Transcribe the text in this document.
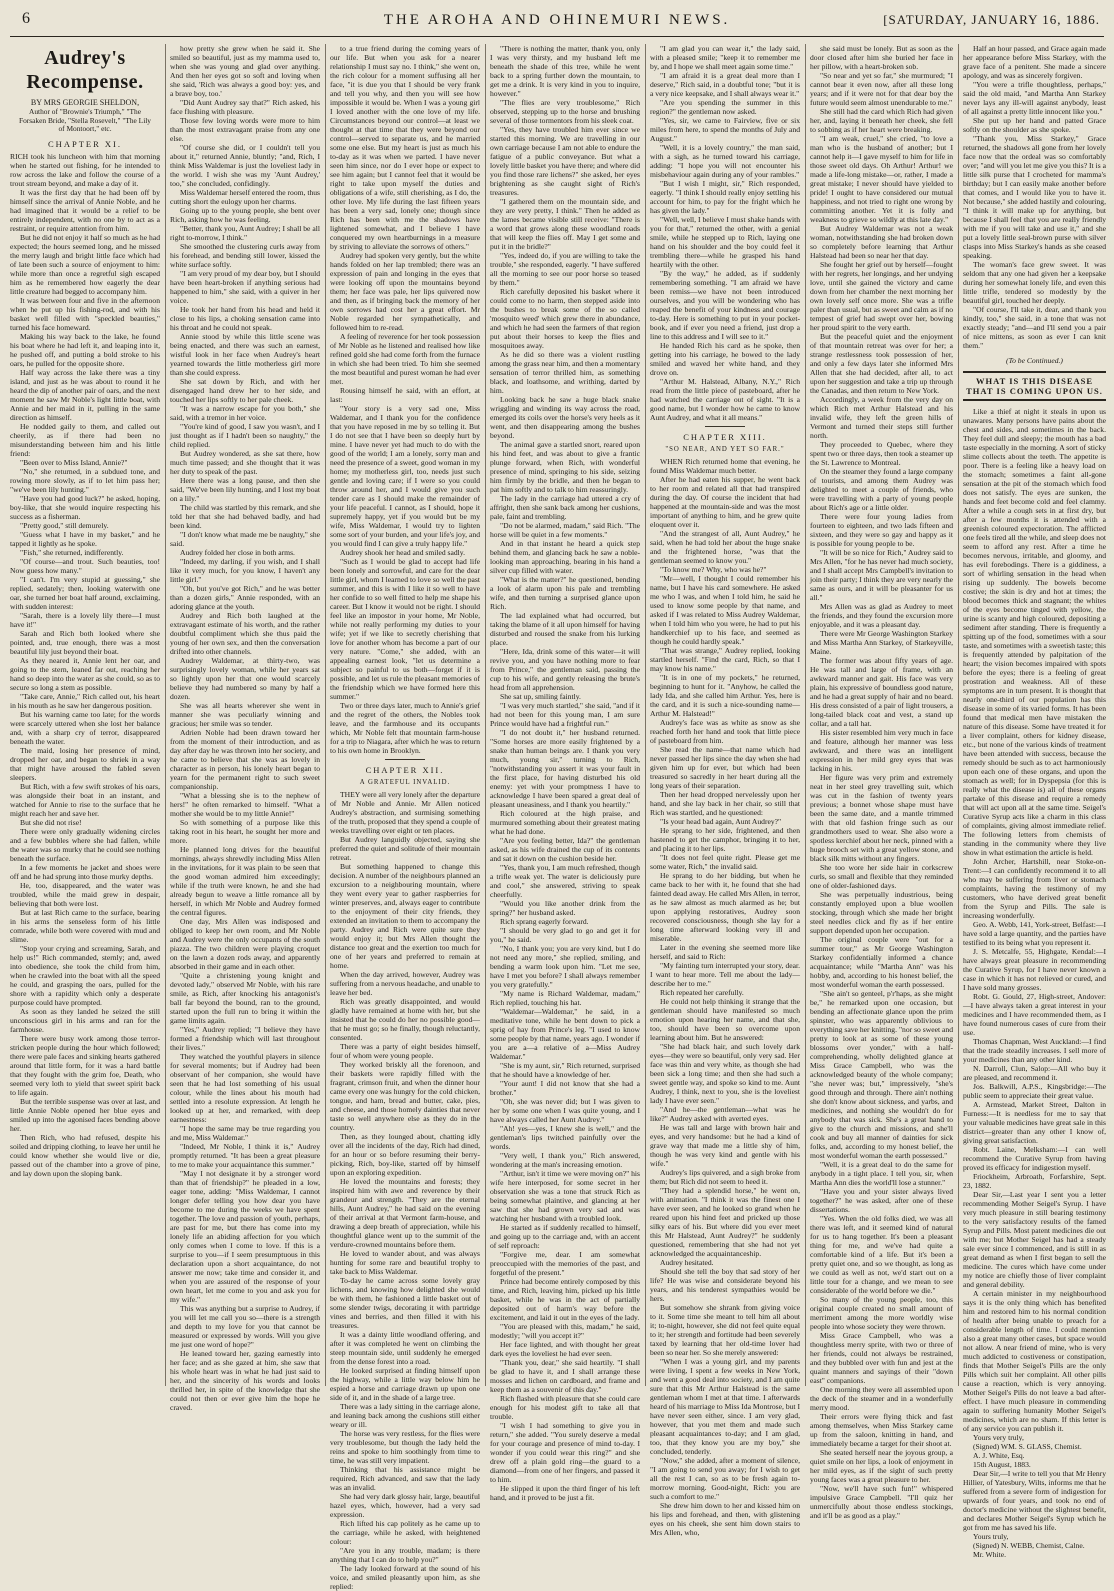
6	THE AROHA AND OHINEMURI NEWS.	[SATURDAY, JANUARY 16, 1886.
Audrey's Recompense.
BY MRS GEORGIE SHELDON,
Author of "Brownie's Triumph," "The Forsaken Bride, "Stella Rosevelt," "The Lily of Montoort," etc.
CHAPTER XI.

RICH took his luncheon with him that morning when he started out fishing, for he intended to row across the lake and follow the course of a trout stream beyond, and make a day of it.

It was the first day that he had been off by himself since the arrival of Annie Noble, and he had imagined that it would be a relief to be entirely independent, with no one by to act as a restraint, or require attention from him.

But he did not enjoy it half so much as he had expected; the hours seemed long, and he missed the merry laugh and bright little face which had of late been such a source of enjoyment to him: while more than once a regretful sigh escaped him as he remembered how eagerly the dear little creature had begged to accompany him.

It was between four and five in the afternoon when he put up his fishing-rod, and with his basket well filled with "speckled beauties," turned his face homeward.

Making his way back to the lake, he found his boat where he had left it, and leaping into it, he pushed off, and putting a bold stroke to his oars, he pulled for the opposite shore.

Half way across the lake there was a tiny island, and just as he was about to round it he heard the dip of another pair of oars, and the next moment he saw Mr Noble's light little boat, with Annie and her maid in it, pulling in the same direction as himself.

He nodded gaily to them, and called out cheerily, as if there had been no misunderstanding between him and his little friend:

"Been over to Miss Island, Annie?"

"No," she returned, in a subdued tone, and rowing more slowly, as if to let him pass her; "we've been lily hunting."

"Have you had good luck?" he asked, hoping, boy-like, that she would inquire respecting his success as a fisherman.

"Pretty good," still demurely.

"Guess what I have in my basket," and he tapped it lightly as he spoke.

"Fish," she returned, indifferently.

"Of course—and trout. Such beauties, too! Now guess how many."

"I can't. I'm very stupid at guessing," she replied, sedately; then, looking waterwith one oar, she turned her boat half around, exclaiming, with sudden interest:

"Sarah, there is a lovely lily there—I must have it!"

Sarah and Rich both looked where she pointed, and, true enough, there was a most beautiful lily just beyond their boat.

As they neared it, Annie lent her oar, and going to the stern, leaned far out, reaching her hand so deep into the water as she could, so as to secure so long a stem as possible.

"Take care, Annie," Rich called out, his heart in his mouth as he saw her dangerous position.

But his warning came too late; for the words were scarcely uttered when she lost her balance and, with a sharp cry of terror, disappeared beneath the water.

The maid, losing her presence of mind, dropped her oar, and began to shriek in a way that might have aroused the fabled seven sleepers.

But Rich, with a few swift strokes of his oars, was alongside their boat in an instant, and watched for Annie to rise to the surface that he might reach her and save her.

But she did not rise!

There were only gradually widening circles and a few bubbles where she had fallen, while the water was so murky that he could see nothing beneath the surface.

In a few moments he jacket and shoes were off and he had sprung into those murky depths.

He, too, disappeared, and the water was troubled, while the maid grew in despair, believing that both were lost.

But at last Rich came to the surface, bearing in his arms the senseless form of his little comrade, while both were covered with mud and slime.

"Stop your crying and screaming, Sarah, and help us!" Rich commanded, sternly; and, awed into obedience, she took the child from him, when he crawled into the boat with all the speed he could, and grasping the oars, pulled for the shore with a rapidity which only a desperate purpose could have prompted.

As soon as they landed he seized the still unconscious girl in his arms and ran for the farmhouse.

There were busy work among those terror-stricken people during the hour which followed; there were pale faces and sinking hearts gathered around that little form, for it was a hard battle that they fought with the grim foe, Death, who seemed very loth to yield that sweet spirit back to life again.

But the terrible suspense was over at last, and little Annie Noble opened her blue eyes and smiled up into the agonised faces bending above her.

Then Rich, who had refused, despite his soiled and dripping clothing, to leave her until he could know whether she would live or die, passed out of the chamber into a grove of pine, and lay down upon the sloping bank.

how pretty she grew when he said it. She smiled so beautiful, just as my mamma used to, when she was young and glad over anything. And then her eyes got so soft and loving when she said, 'Rich was always a good boy: yes, and a brave boy, too.'

"Did Aunt Audrey say that?" Rich asked, his face flushing with pleasure.

Those few loving words were more to him than the most extravagant praise from any one else.

"Of course she did, or I couldn't tell you about it," returned Annie, bluntly; "and, Rich, I think Miss Waldemar is just the loveliest lady in the world. I wish she was my 'Aunt Audrey,' too," she concluded, confidingly.

Miss Waldemar herself entered the room, thus cutting short the eulogy upon her charms.

Going up to the young people, she bent over Rich, asking how he was feeling.

"Better, thank you, Aunt Audrey; I shall be all right to-morrow, I think."

She smoothed the clustering curls away from his forehead, and bending still lower, kissed the white surface softly.

"I am very proud of my dear boy, but I should have been heart-broken if anything serious had happened to him," she said, with a quiver in her voice.

He took her hand from his head and held it close to his lips, a choking sensation came into his throat and he could not speak.

Annie stood by while this little scene was being enacted, and there was such an earnest, wistful look in her face when Audrey's heart yearned towards the little motherless girl more than she could express.

She sat down by Rich, and with her disengaged hand drew her to her side, and touched her lips softly to her pale cheek.

"It was a narrow escape for you both," she said, with a tremor in her voice.

"You're kind of good, I saw you wasn't, and I just thought as if I hadn't been so naughty," the child replied.

But Audrey wondered, as she sat there, how much time passed; and she thought that it was her duty to speak of the past.

Here there was a long pause, and then she said, "We've been lily hunting, and I lost my boat on a lily."

The child was startled by this remark, and she told her that she had behaved badly, and had been kind.

"I don't know what made me be naughty," she said.

Audrey folded her close in both arms.

"Indeed, my darling, if you wish, and I shall like it very much, for you know, I haven't any little girl."

"Oh, but you've got Rich," and he was better than a dozen girls," Annie responded, with an adoring glance at the youth.

Audrey and Rich both laughed at the extravagant estimate of his worth, and the rather doubtful compliment which she thus paid the young of her own sex, and then the conversation drifted into other channels.

Audrey Waldemar, at thirty-two, was surprisingly lovely woman, while her years sat so lightly upon her that one would scarcely believe they had numbered so many by half a dozen.

She was all hearts wherever she went in manner she was peculiarly winning and gracious; her smile was so tender.

Adrien Noble had been drawn toward her from the moment of their introduction, and as day after day he was thrown into her society, and he came to believe that she was as lovely in character as in person, his lonely heart began to yearn for the permanent right to such sweet companionship.

"What a blessing she is to the nephew of hers!" he often remarked to himself. "What a mother she would be to my little Annie!"

So with something of a purpose like this taking root in his heart, he sought her more and more.

He planned long drives for the beautiful mornings, always shrewdly including Miss Allen in the invitations, for it was plain to be seen that the good woman admired him exceedingly; while if the truth were known, he and she had already begun to weave a little romance all by herself, in which Mr Noble and Audrey formed the central figures.

One day, Mrs Allen was indisposed and obliged to keep her own room, and Mr Noble and Audrey were the only occupants of the south piazza. The two children were playing croquet on the lawn a dozen rods away, and apparently absorbed in their game and in each other.

"Quite a christening young knight and devoted lady," observed Mr Noble, with his rare smile, as Rich, after knocking his antagonist's ball far beyond the bound, ran to the ground, started upon the full run to bring it within the game limits again.

"Yes," Audrey replied; "I believe they have formed a friendship which will last throughout their lives."

They watched the youthful players in silence for several moments; but if Audrey had been observant of her companion, she would have seen that he had lost something of his usual colour, while the lines about his mouth had settled into a resolute expression. At length he looked up at her, and remarked, with deep earnestness:

"I hope the same may be true regarding you and me, Miss Waldemar."

"Indeed, Mr Noble, I think it is," Audrey promptly returned. "It has been a great pleasure to me to make your acquaintance this summer."

"May I not designate it by a stronger word than that of friendship?" he pleaded in a low, eager tone, adding: "Miss Waldemar, I cannot longer defer telling you how dear you have become to me during the weeks we have spent together. The love and passion of youth, perhaps, are past for me, but there has come into my lonely life an abiding affection for you which only comes when I come to love. If this is a surprise to you—if I seem presumptuous in this declaration upon a short acquaintance, do not answer me now; take time and consider it, and when you are assured of the response of your own heart, let me come to you and ask you for my wife."

This was anything but a surprise to Audrey, if you will let me call you so—there is a strength and depth to my love for you that cannot be measured or expressed by words. Will you give me just one word of hope?"

He leaned toward her, gazing earnestly into her face; and as she gazed at him, she saw that his whole heart was in what he had just said to her, and the sincerity of his words and looks thrilled her, in spite of the knowledge that she could not then or ever give him the hope he craved.

to a true friend during the coming years of our life. But when you ask for a nearer relationship I must say no. I think," she went on, the rich colour for a moment suffusing all her face, "it is due you that I should be very frank and tell you why, and then you will see how impossible it would be. When I was a young girl I loved another with the one love of my life. Circumstances beyond our control—at least we thought at that time that they were beyond our control—served to separate us, and he married some one else. But my heart is just as much his to-day as it was when we parted. I have never seen him since, nor do I ever hope or expect to see him again; but I cannot feel that it would be right to take upon myself the duties and obligations of a wife, still cherishing, as I do, the other love. My life during the last fifteen years has been a very sad, lonely one; though since Rich has been with me the shadows have lightened somewhat, and I believe I have conquered my own heartburnings in a measure by striving to alleviate the sorrows of others."

Audrey had spoken very gently, but the white hands folded on her lap trembled; there was an expression of pain and longing in the eyes that were looking off upon the mountains beyond them; her face was pale, her lips quivered now and then, as if bringing back the memory of her own sorrows had cost her a great effort. Mr Noble regarded her sympathetically, and followed him to re-read.

A feeling of reverence for her took possession of Mr Noble as he listened and realised how like refined gold she had come forth from the furnace in which she had been tried. To him she seemed the most beautiful and purest woman he had ever met.

Rousing himself he said, with an effort, at last:

"Your story is a very sad one, Miss Waldemar, and I thank you for the confidence that you have reposed in me by so telling it. But I do not see that I have been so deeply hurt by mine. I have never yet had much to do with the good of the world; I am a lonely, sorry man and need the presence of a sweet, good woman in my home; my motherless girl, too, needs just such gentle and loving care; if I were so you could throw around her, and I would give you such tender care as I should make the remainder of your life peaceful. I cannot, as I should, hope it supremely happy, yet if you would but be my wife, Miss Waldemar, I would try to lighten some sort of your burden, and your life's joy, and you would find I can give a truly happy life."

Audrey shook her head and smiled sadly.

"Such as I would be glad to accept had life been lonely and sorrowful, and care for the dear little girl, whom I learned to love so well the past summer, and this is with I like it so well to have her confide to so well fitted to help me shape his career. But I know it would not be right. I should feel like an impostor in your home, Mr Noble, while not really performing my duties to your wife; yet if we like to secretly cherishing that love for another whom has become a part of our very nature. "Come," she added, with an appealing earnest look, "let us determine a subject so painful to us both—forget if it is possible, and let us rule the pleasant memories of the friendship which we have formed here this summer."

Two or three days later, much to Annie's grief and the regret of the others, the Nobles took leave, and the farmhouse and its occupants which, Mr Noble felt that mountain farm-house for a trip to Niagara, after which he was to return to his own home in Brooklyn.

CHAPTER XII.
A GRATEFUL INVALID.

THEY were all very lonely after the departure of Mr Noble and Annie. Mr Allen noticed Audrey's abstraction, and surmising something of the truth, proposed that they spend a couple of weeks travelling over eight or ten places.

But Audrey languidly objected, saying she preferred the quiet and solitude of their mountain retreat.

But something happened to change this decision. A number of the neighbours planned an excursion to a neighbouring mountain, where they went every year to gather raspberries for winter preserves, and, always eager to contribute to the enjoyment of their city friends, they extended an invitation to them to accompany the party. Audrey and Rich were quite sure they would enjoy it; but Mrs Allen thought the distance too great and the exertion too much for one of her years and preferred to remain at home.

When the day arrived, however, Audrey was suffering from a nervous headache, and unable to leave her bed.

Rich was greatly disappointed, and would gladly have remained at home with her, but she insisted that he could do her no possible good—that he must go; so he finally, though reluctantly, consented.

There was a party of eight besides himself, four of whom were young people.

They worked briskly all the forenoon, and their baskets were rapidly filled with the fragrant, crimson fruit, and when the dinner hour came every one was hungry for the cold chicken, tongue, and ham, bread and butter, cake, pies, and cheese, and those homely dainties that never taste so well anywhere else as they do in the country.

Then, as they lounged about, chatting idly over all the incidents of the day, Rich had dined, for an hour or so before resuming their berry-picking, Rich, boy-like, started off by himself upon an exploring expedition.

He loved the mountains and forests; they inspired him with awe and reverence by their grandeur and strength. "They are the eternal hills, Aunt Audrey," he had said on the evening of their arrival at that Vermont farm-house, and drawing a deep breath of appreciation, while his thoughtful glance went up to the summit of the verdure-crowned mountains before them.

He loved to wander about, and was always hunting for some rare and beautiful trophy to take back to Miss Waldemar.

To-day he came across some lovely gray lichens, and knowing how delighted she would be with them, he fashioned a little basket out of some slender twigs, decorating it with partridge vines and berries, and then filled it with his treasures.

It was a dainty little woodland offering, and after it was completed he went on climbing the steep mountain side, until suddenly he emerged from the dense forest into a road.

He looked surprised at finding himself upon the highway, while a little way below him he espied a horse and carriage drawn up upon one side of it, and in the shade of a large tree.

There was a lady sitting in the carriage alone, and leaning back among the cushions still either weary or ill.

The horse was very restless, for the flies were very troublesome, but though the lady held the reins and spoke to him soothingly from time to time, he was still very impatient.

Thinking that his assistance might be required, Rich advanced, and saw that the lady was an invalid.

She had very dark glossy hair, large, beautiful hazel eyes, which, however, had a very sad expression.

Rich lifted his cap politely as he came up to the carriage, while he asked, with heightened colour:

"Are you in any trouble, madam; is there anything that I can do to help you?"

The lady looked forward at the sound of his voice, and smiled pleasantly upon him, as she replied:

"There is nothing the matter, thank you, only I was very thirsty, and my husband left me beneath the shade of this tree, while he went back to a spring further down the mountain, to get me a drink. It is very kind in you to inquire, however."

"The flies are very troublesome," Rich observed, stepping up to the horse and brushing several of those tormentors from his sleek coat.

"Yes, they have troubled him ever since we started this morning. We are travelling in our own carriage because I am not able to endure the fatigue of a public conveyance. But what a lovely little basket you have there; and where did you find those rare lichens?" she asked, her eyes brightening as she caught sight of Rich's treasures.

"I gathered them on the mountain side, and they are very pretty, I think." Then he added as the lames became visible still receive: "There is a word that grows along these woodland roads that will keep the flies off. May I get some and put it in the bridle?"

"Yes, indeed do, if you are willing to take the trouble," she responded, eagerly. "I have suffered all the morning to see our poor horse so teased by them."

Rich carefully deposited his basket where it could come to no harm, then stepped aside into the bushes to break some of the so called 'mosquito weed' which grew there in abundance, and which he had seen the farmers of that region put about their horses to keep the flies and mosquitoes away.

As he did so there was a violent rustling among the grass near him, and then a momentary sensation of terror thrilled him, as something black, and loathsome, and writhing, darted by him.

Looking back he saw a huge black snake wriggling and winding its way across the road, emerged its coils over the horse's very heels as it went, and then disappearing among the bushes beyond.

The animal gave a startled snort, reared upon his hind feet, and was about to give a frantic plunge forward, when Rich, with wonderful presence of mind, springing to his side, seizing him firmly by the bridle, and then he began to pat him softly and to talk to him reassuringly.

The lady in the carriage had uttered a cry of affright, then she sank back among her cushions, pale, faint and trembling.

"Do not be alarmed, madam," said Rich. "The horse will be quiet in a few moments."

And in that instant he heard a quick step behind them, and glancing back he saw a noble-looking man approaching, bearing in his hand a silver cup filled with water.

"What is the matter?" he questioned, bending a look of alarm upon his pale and trembling wife, and then turning a surprised glance upon Rich.

The lad explained what had occurred, but taking the blame of it all upon himself for having disturbed and roused the snake from his lurking place.

"Here, Ida, drink some of this water—it will revive you, and you have nothing more to fear from Prince," the gentleman said, passing the cup to his wife, and gently releasing the brute's head from all apprehension.

She sat up, smiling faintly.

"I was very much startled," she said, "and if it had not been for this young man, I am sure Prince would have had a frightful run."

"I do not doubt it," her husband returned. "Some horses are more easily frightened by a snake than human beings are. I thank you very much, young sir," turning to Rich, "notwithstanding you assert it was your fault in the first place, for having disturbed his old enemy: yet with your promptness I have to acknowledge I have been spared a great deal of pleasant uneasiness, and I thank you heartily."

Rich coloured at the high praise, and murmured something about their greatest mating what he had done.

"Are you feeling better, Ida?" the gentleman asked, as his wife drained the cup of its contents and sat it down on the cushion beside her.

"Yes, thank you, I am much refreshed, though a trifle weak yet. The water is deliciously pure and cool," she answered, striving to speak cheerfully.

"Would you like another drink from the spring?" her husband asked.

Rich sprang eagerly forward.

"I should be very glad to go and get it for you," he said.

"No, I thank you; you are very kind, but I do not need any more," she replied, smiling, and bending a warm look upon him. "Let me see, have I met you before? I shall always remember you very gratefully."

"My name is Richard Waldemar, madam," Rich replied, touching his hat.

"Waldemar—Waldemar," he said, in a meditative tone, while he bent down to pick a sprig of hay from Prince's leg. "I used to know some people by that name, years ago. I wonder if you are a—a relative of a—Miss Audrey Waldemar."

"She is my aunt, sir," Rich returned, surprised that he should have a knowledge of her.

"Your aunt! I did not know that she had a brother."

"Oh, she was never did; but I was given to her by some one when I was quite young, and I have always called her Aunt Audrey."

"Ah! yes—yes, I knew she is well," and the gentleman's lips twitched painfully over the words.

"Very well, I thank you," Rich answered, wondering at the man's increasing emotion.

"Arthur, isn't it time we were moving on?" his wife here interposed, for some secret in her observation she was a tone that struck Rich as being somewhat plaintive, and glancing at her saw that she had grown very sad and was watching her husband with a troubled look.

He started as if suddenly recalled to himself, and going up to the carriage and, with an accent of self reproach:

"Forgive me, dear. I am somewhat preoccupied with the memories of the past, and forgetful of the present."

Prince had become entirely composed by this time, and Rich, leaving him, picked up his little basket, while he was in the act of partially deposited out of harm's way before the excitement, and laid it out in the eyes of the lady.

"You are pleased with this, madam," he said, modestly; "will you accept it?"

Her face lighted, and with thought her great dark eyes the loveliest he had ever seen.

"Thank you, dear," she said heartily. "I shall be glad to have it, and I shall arrange these mosses and lichen on cardboard, and frame and keep them as a souvenir of this day."

Rich flashed with pleasure that she could care enough for his modest gift to take all that trouble.

"I wish I had something to give you in return," she added. "You surely deserve a medal for your courage and presence of mind to-day. I wonder if you could wear this ring?" and she drew off a plain gold ring—the guard to a diamond—from one of her fingers, and passed it to him.

He slipped it upon the third finger of his left hand, and it proved to be just a fit.

"I am glad you can wear it," the lady said, with a pleased smile; "keep it to remember me by, and I hope we shall meet again some time."

"I am afraid it is a great deal more than I deserve," Rich said, in a doubtful tone; "but it is a very nice keepsake, and I shall always wear it."

"Are you spending the summer in this region?" the gentleman now asked.

"Yes, sir, we came to Fairview, five or six miles from here, to spend the months of July and August."

"Well, it is a lovely country," the man said, with a sigh, as he turned toward his carriage, adding: "I hope you will not encounter his misbehaviour again during any of your rambles."

"But I wish I might, sir," Rich responded, eagerly. "I think I should really enjoy settling his account for him, to pay for the fright which he has given the lady."

"Well, well, I believe I must shake hands with you for that," returned the other, with a genial smile, while he stepped up to Rich, laying one hand on his shoulder and the boy could feel it trembling there—while he grasped his hand heartily with the other.

"By the way," he added, as if suddenly remembering something. "I am afraid we have been remiss—we have not been introduced ourselves, and you will be wondering who has reaped the benefit of your kindness and courage to-day. Here is something to put in your pocket-book, and if ever you need a friend, just drop a line to this address and I will see to it."

He handed Rich his card as he spoke, then getting into his carriage, he bowed to the lady smiled and waved her white hand, and they drove on.

"Arthur M. Halstead, Albany, N.Y.," Rich read from the little piece of pasteboard, after he had watched the carriage out of sight. "It is a good name, but I wonder how he came to know Aunt Audrey, and what it all means."

CHAPTER XIII.
"SO NEAR, AND YET SO FAR."

WHEN Rich returned home that evening, he found Miss Waldemar much better.

After he had eaten his supper, he went back to her room and related all that had transpired during the day. Of course the incident that had happened at the mountain-side and was the most important of anything to him, and he grew quite eloquent over it.

"And the strangest of all, Aunt Audrey," he said, when he had told her about the huge snake and the frightened horse, "was that the gentleman seemed to know you."

"To know me? Why, who was he?"

"Mr—well, I thought I could remember his name, but I have his card somewhere. He asked me who I was, and when I told him, he said he used to know some people by that name, and asked if I was related to Miss Audrey Waldemar, when I told him who you were, he had to put his handkerchief up to his face, and seemed as though he could hardly speak."

"That was strange," Audrey replied, looking startled herself. "Find the card, Rich, so that I may know his name."

"It is in one of my pockets," he returned, beginning to hunt for it. "Anyhow, he called the lady Ida, and she called him Arthur. Yes, here is the card, and it is such a nice-sounding name—Arthur M. Halstead!"

Audrey's face was as white as snow as she reached forth her hand and took that little piece of pasteboard from him.

She read the name—that name which had never passed her lips since the day when she had given him up for ever, but which had been treasured so sacredly in her heart during all the long years of their separation.

Then her head dropped nervelessly upon her hand, and she lay back in her chair, so still that Rich was startled, and he questioned:

"Is your head bad again, Aunt Audrey?"

He sprang to her side, frightened, and then hastened to get the camphor, bringing it to her, and placing it to her lips.

"It does not feel quite right. Please get me some water, Rich," the invalid said.

He sprang to do her bidding, but when he came back to her with it, he found that she had fainted dead away. He called Mrs Allen, in terror, as he saw almost as much alarmed as he; but upon applying restoratives, Audrey soon recovered consciousness, though she lay for a long time afterward looking very ill and miserable.

Later in the evening she seemed more like herself, and said to Rich:

"My fainting turn interrupted your story, dear. I want to hear more. Tell me about the lady—describe her to me."

Rich repeated her carefully.

He could not help thinking it strange that the gentleman should have manifested so much emotion upon hearing her name, and that she, too, should have been so overcome upon learning about him. But he answered:

"She had black hair, and such lovely dark eyes—they were so beautiful, only very sad. Her face was thin and very white, as though she had been sick a long time; and then she had such a sweet gentle way, and spoke so kind to me. Aunt Audrey, I think, next to you, she is the loveliest lady I have ever seen."

"And he—the gentleman—what was he like?" Audrey asked with averted eyes.

He was tall and large with brown hair and eyes, and very handsome: but he had a kind of grave way that made me a little shy of him, though he was very kind and gentle with his wife."

Audrey's lips quivered, and a sigh broke from them; but Rich did not seem to heed it.

"They had a splendid horse," he went on, with animation. "I think it was the finest one I have ever seen, and he looked so grand when he reared upon his hind feet and pricked up those silky ears of his. But where did you ever meet this Mr Halstead, Aunt Audrey?" he suddenly questioned, remembering that she had not yet acknowledged the acquaintanceship.

Audrey hesitated.

Should she tell the boy that sad story of her life? He was wise and considerate beyond his years, and his tenderest sympathies would be hers.

But somehow she shrank from giving voice to it. Some time she meant to tell him all about it; to-night, however, she did not feel quite equal to it; her strength and fortitude had been severely taxed by learning that her old-time lover had been so near her. So she merely answered:

"When I was a young girl, and my parents were living, I spent a few weeks in New York, and went a good deal into society, and I am quite sure that this Mr Arthur Halstead is the same gentleman whom I met at that time. I afterwards heard of his marriage to Miss Ida Montrose, but I have never seen either, since. I am very glad, however, that you met them and made such pleasant acquaintances to-day; and I am glad, too, that they know you are my boy," she concluded, tenderly.

"Now," she added, after a moment of silence, "I am going to send you away; for I wish to get all the rest I can, so as to be fresh again to-morrow morning. Good-night, Rich: you are such a comfort to me."

She drew him down to her and kissed him on his lips and forehead, and then, with glistening eyes on his cheek, she sent him down stairs to Mrs Allen, who,

she said must be lonely. But as soon as the door closed after him she buried her face in her pillow, with a heart-broken sob.

"So near and yet so far," she murmured; "I cannot bear it even now, after all these long years; and if it were not for that dear boy the future would seem almost unendurable to me."

She still had the card which Rich had given her, and, laying it beneath her cheek, she fell to sobbing as if her heart were breaking.

"I am weak, cruel," she cried, "to love a man who is the husband of another; but I cannot help it—I gave myself to him for life in those sweet old days. Oh Arthur! Arthur! we made a life-long mistake—or, rather, I made a great mistake; I never should have yielded to pride! I ought to have considered our mutual happiness, and not tried to right one wrong by committing another. Yet it is folly and weakness to grieve so wildly at this late day."

But Audrey Waldemar was not a weak woman, notwithstanding she had broken down so completely before learning that Arthur Halstead had been so near her that day.

She fought her grief out by herself—fought with her regrets, her longings, and her undying love, until she gained the victory and came down from her chamber the next morning her own lovely self once more. She was a trifle paler than usual, but as sweet and calm as if no tempest of grief had swept over her, bowing her proud spirit to the very earth.

But the peaceful quiet and the enjoyment of that mountain retreat was over for her; a strange restlessness took possession of her, and only a few days later she informed Mrs Allen that she had decided, after all, to act upon her suggestion and take a trip up through the Canadas, and then return to New York.

Accordingly, a week from the very day on which Rich met Arthur Halstead and his invalid wife, they left the green hills of Vermont and turned their steps still further north.

They proceeded to Quebec, where they spent two or three days, then took a steamer up the St. Lawrence to Montreal.

On the steamer they found a large company of tourists, and among them Audrey was delighted to meet a couple of friends, who were travelling with a party of young people about Rich's age or a little older.

There were four young ladies from fourteen to eighteen, and two lads fifteen and sixteen, and they were so gay and happy as it is possible for young people to be.

"It will be so nice for Rich," Audrey said to Mrs Allen, "for he has never had much society, and I shall accept Mrs Campbell's invitation to join their party; I think they are very nearly the same as ours, and it will be pleasanter for us all."

Mrs Allen was as glad as Audrey to meet the friends, and they found the excursion more enjoyable, and it was a pleasant day.

There were Mr George Washington Starkey and Miss Martha Ann Starkey, of Starkeyville, Maine.

The former was about fifty years of age. He was tall and large of frame, with an awkward manner and gait. His face was very plain, his expressive of boundless good nature, and he had a great supply of hair and no beard. His dress consisted of a pair of light trousers, a long-tailed black coat and vest, a stand up collar, and a tall hat.

His sister resembled him very much in face and feature, although her manner was less awkward, and there was an intelligent expression in her mild grey eyes that was lacking in his.

Her figure was very prim and extremely neat in her steel grey travelling suit, which was cut in the fashion of twenty years previous; a bonnet whose shape must have been the same date, and a mantle trimmed with that old fashion fringe such as our grandmothers used to wear. She also wore a spotless kerchief about her neck, pinned with a huge brooch set with a great yellow stone, and black silk mitts without any fingers.

She too wore her side hair in corkscrew curls, so small and flexible that they reminded one of older-fashioned days.

She was perpetually industrious, being constantly employed upon a blue woollen stocking, through which she made her bright steel needles click and fly as if her entire support depended upon her occupation.

The original couple were "out for a summer tour," as Mr George Washington Starkey confidentially informed a chance acquaintance; while "Martha Ann" was his hobby, and, according to his honest belief, the most wonderful woman the earth possessed.

"She ain't so genteel, p'r'haps, as she might be," he remarked upon one occasion, but bending an affectionate glance upon the prim spinster, who was apparently oblivious to everything save her knitting. "nor so sweet and pretty to look at as some of these young blossoms over yonder," with a half-comprehending, wholly delighted glance at Miss Grace Campbell, who was the acknowledged beauty of the whole company; "she never was; but," impressively, "she's good through and through. There ain't nothing she don't know about sickness, and yarbs, and medicines, and nothing she wouldn't do for anybody that was sick. She's a great hand to give to the church and missions, and she'll cook and buy all manner of dainties for sick folks, and, according to my honest belief, the most wonderful woman the earth possessed."

"Well, it is a great deal to do the same for anybody in a tight place. I tell you, sir, when Martha Ann dies the world'll lose a stunner."

"Have you and your sister always lived together?" he was asked, after one of these dissertations.

"Yes. When the old folks died, we was all there was left, and it seemed kind of natural for us to hang together. It's been a pleasant thing for me, and we've had quite a comfortable kind of a life. But it's been a pretty quiet one, and so we thought, as long as we could as well as not, we'd start out on a little tour for a change, and we mean to see considerable of the world before we die."

So many of the young people, too, this original couple created no small amount of merriment among the more worldly wise people into whose society they were thrown.

Miss Grace Campbell, who was a thoughtless merry sprite, with two or three of her friends, could not always be restrained, and they bubbled over with fun and jest at the quaint manners and sayings of their "down east" companions.

One morning they were all assembled upon the deck of the steamer and in a wonderfully merry mood.

Their errors were flying thick and fast among themselves, when Miss Starkey came up from the saloon, knitting in hand, and immediately became a target for their shoot at.

She seated herself near the joyous group, a quiet smile on her lips, a look of enjoyment in her mild eyes, as if the sight of such pretty young faces was a great pleasure to her.

"Now, we'll have such fun!" whispered impulsive Grace Campbell. "I'll quiz her unmercifully about those endless stockings, and it'll be as good as a play."

Half an hour passed, and Grace again made her appearance before Miss Starkey, with the grave face of a penitent. She made a sincere apology, and was as sincerely forgiven.

"You were a trifle thoughtless, perhaps," said the old maid, "and Martha Ann Starkey never lays any ill-will against anybody, least of all against a pretty little innocent like you."

She put up her hand and patted Grace softly on the shoulder as she spoke.

"Thank you, Miss Starkey," Grace returned, the shadows all gone from her lovely face now that the ordeal was so comfortably over; "and will you let me give you this? It is a little silk purse that I crocheted for mamma's birthday; but I can easily make another before that comes, and I would like you to have it. Not because," she added hastily and colouring, "I think it will make up for anything, but because I shall feel that you are really friendly with me if you will take and use it," and she put a lovely little seal-brown purse with silver clasps into Miss Starkey's hands as she ceased speaking.

The woman's face grew sweet. It was seldom that any one had given her a keepsake during her somewhat lonely life, and even this little trifle, tendered so modestly by the beautiful girl, touched her deeply.

"Of course, I'll take it, dear, and thank you kindly, too," she said, in a tone that was not exactly steady; "and—and I'll send you a pair of nice mittens, as soon as ever I can knit them."

(To be Continued.)
WHAT IS THIS DISEASE THAT IS COMING UPON US.

Like a thief at night it steals in upon us unawares. Many persons have pains about the chest and sides, and sometimes in the back. They feel dull and sleepy; the mouth has a bad taste especially in the morning. A sort of sticky slime collects about the teeth. The appetite is poor. There is a feeling like a heavy load on the stomach; sometimes a faint all-gone sensation at the pit of the stomach which food does not satisfy. The eyes are sunken, the hands and feet become cold and feel clammy. After a while a cough sets in at first dry, but after a few months it is attended with a greenish coloured expectoration. The afflicted one feels tired all the while, and sleep does not seem to afford any rest. After a time he becomes nervous, irritable, and gloomy, and has evil forebodings. There is a giddiness, a sort of whirling sensation in the head when rising up suddenly. The bowels become costive; the skin is dry and hot at times; the blood becomes thick and stagnant; the whites of the eyes become tinged with yellow, the urine is scanty and high coloured, depositing a sediment after standing. There is frequently a spitting up of the food, sometimes with a sour taste, and sometimes with a sweetish taste; this is frequently attended by palpitation of the heart; the vision becomes impaired with spots before the eyes; there is a feeling of great prostration and weakness. All of these symptoms are in turn present. It is thought that nearly one-third of our population has this disease in some of its varied forms. It has been found that medical men have mistaken the nature of this disease. Some have treated it for a liver complaint, others for kidney disease, etc., but none of the various kinds of treatment have been attended with success, because the remedy should be such as to act harmoniously upon each one of these organs, and upon the stomach as well; for in Dyspepsia (for this is really what the disease is) all of these organs partake of this disease and require a remedy that will act upon all at the same time. Seigel's Curative Syrup acts like a charm in this class of complaints, giving almost immediate relief. The following letters from chemists of standing in the community where they live show in what estimation the article is held.

John Archer, Hartshill, near Stoke-on-Trent:—I can confidently recommend it to all who may be suffering from liver or stomach complaints, having the testimony of my customers, who have derived great benefit from the Syrup and Pills. The sale is increasing wonderfully.

Geo. A. Webb, 141, York-street, Belfast:—I have sold a large quantity, and the parties have testified to its being what you represent it.

J. S. Metcalfe, 55, Highgate, Kendal:—I have always great pleasure in recommending the Curative Syrup, for I have never known a case in which it has not relieved or cured, and I have sold many grosses.

Robt. G. Gould, 27, High-street, Andover:—I have always taken a great interest in your medicines and I have recommended them, as I have found numerous cases of cure from their use.

Thomas Chapman, West Auckland:—I find that the trade steadily increases. I sell more of your medicines than any other kind.

N. Darroll, Clun, Salop:—All who buy it are pleased, and recommend it.

Jos. Balkwill, A.P.S., Kingsbridge:—The public seem to appreciate their great value.

A. Armstead, Market Street, Dalton in Furness:—It is needless for me to say that your valuable medicines have great sale in this district—greater than any other I know of, giving great satisfaction.

Robt. Laine, Melksham:—I can well recommend the Curative Syrup from having proved its efficacy for indigestion myself.

Friockheim, Arbroath, Forfarshire, Sept. 23, 1882.

Dear Sir,—Last year I sent you a letter recommending Mother Seigel's Syrup. I have very much pleasure in still bearing testimony to the very satisfactory results of the famed Syrup and Pills. Most patent medicines die out with me; but Mother Seigel has had a steady sale ever since I commenced, and is still in as great demand as when I first began to sell the medicine. The cures which have come under my notice are chiefly those of liver complaint and general debility.

A certain minister in my neighbourhood says it is the only thing which has benefited him and restored him to his normal condition of health after being unable to preach for a considerable length of time. I could mention also a great many other cases, but space would not allow. A near friend of mine, who is very much addicted to costiveness or constipation, finds that Mother Seigel's Pills are the only Pills which suit her complaint. All other pills cause a reaction, which is very annoying. Mother Seigel's Pills do not leave a bad after-effect. I have much pleasure in commending again to suffering humanity Mother Seigel's medicines, which are no sham. If this letter is of any service you can publish it.

Yours very truly,

(Signed) WM. S. GLASS, Chemist.

A. J. White, Esq.

15th August, 1883.

Dear Sir,—I write to tell you that Mr Henry Hillier, of Yatesbury, Wilts, informs me that he suffered from a severe form of indigestion for upwards of four years, and took no end of doctor's medicine without the slightest benefit, and declares Mother Seigel's Syrup which he got from me has saved his life.

Yours truly,

(Signed) N. WEBB, Chemist, Calne.

Mr. White.
